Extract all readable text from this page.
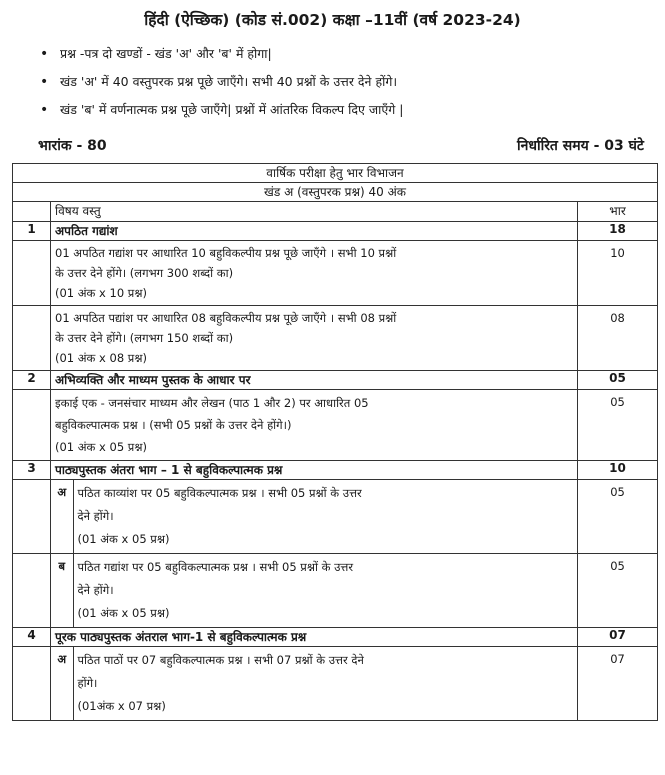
हिंदी (ऐच्छिक) (कोड सं.002) कक्षा –11वीं (वर्ष 2023-24)
• प्रश्न -पत्र दो खण्डों - खंड 'अ' और 'ब' में होगा|
• खंड 'अ' में 40 वस्तुपरक प्रश्न पूछे जाएँगे। सभी 40 प्रश्नों के उत्तर देने होंगे।
• खंड 'ब' में वर्णनात्मक प्रश्न पूछे जाएँगे| प्रश्नों में आंतरिक विकल्प दिए जाएँगे |
भारांक - 80	निर्धारित समय - 03 घंटे
वार्षिक परीक्षा हेतु भार विभाजन
खंड अ (वस्तुपरक प्रश्न) 40 अंक
	विषय वस्तु	भार
1	अपठित गद्यांश	18

01 अपठित गद्यांश पर आधारित 10 बहुविकल्पीय प्रश्न पूछे जाएँगे । सभी 10 प्रश्नों
के उत्तर देने होंगे। (लगभग 300 शब्दों का)
(01 अंक x 10 प्रश्न)
	10

01 अपठित पद्यांश पर आधारित 08 बहुविकल्पीय प्रश्न पूछे जाएँगे । सभी 08 प्रश्नों
के उत्तर देने होंगे। (लगभग 150 शब्दों का)
(01 अंक x 08 प्रश्न)
	08
2	अभिव्यक्ति और माध्यम पुस्तक के आधार पर	05

इकाई एक - जनसंचार माध्यम और लेखन (पाठ 1 और 2) पर आधारित 05
बहुविकल्पात्मक प्रश्न । (सभी 05 प्रश्नों के उत्तर देने होंगे।)
(01 अंक x 05 प्रश्न)
	05
3	पाठ्यपुस्तक अंतरा भाग – 1 से बहुविकल्पात्मक प्रश्न	10

अ	पठित काव्यांश पर 05 बहुविकल्पात्मक प्रश्न । सभी 05 प्रश्नों के उत्तर
देने होंगे।
(01 अंक x 05 प्रश्न)
	05

ब	पठित गद्यांश पर 05 बहुविकल्पात्मक प्रश्न । सभी 05 प्रश्नों के उत्तर
देने होंगे।
(01 अंक x 05 प्रश्न)
	05
4	पूरक पाठ्यपुस्तक अंतराल भाग-1 से बहुविकल्पात्मक प्रश्न	07

अ	पठित पाठों पर 07 बहुविकल्पात्मक प्रश्न । सभी 07 प्रश्नों के उत्तर देने
होंगे।
(01अंक x 07 प्रश्न)
	07
